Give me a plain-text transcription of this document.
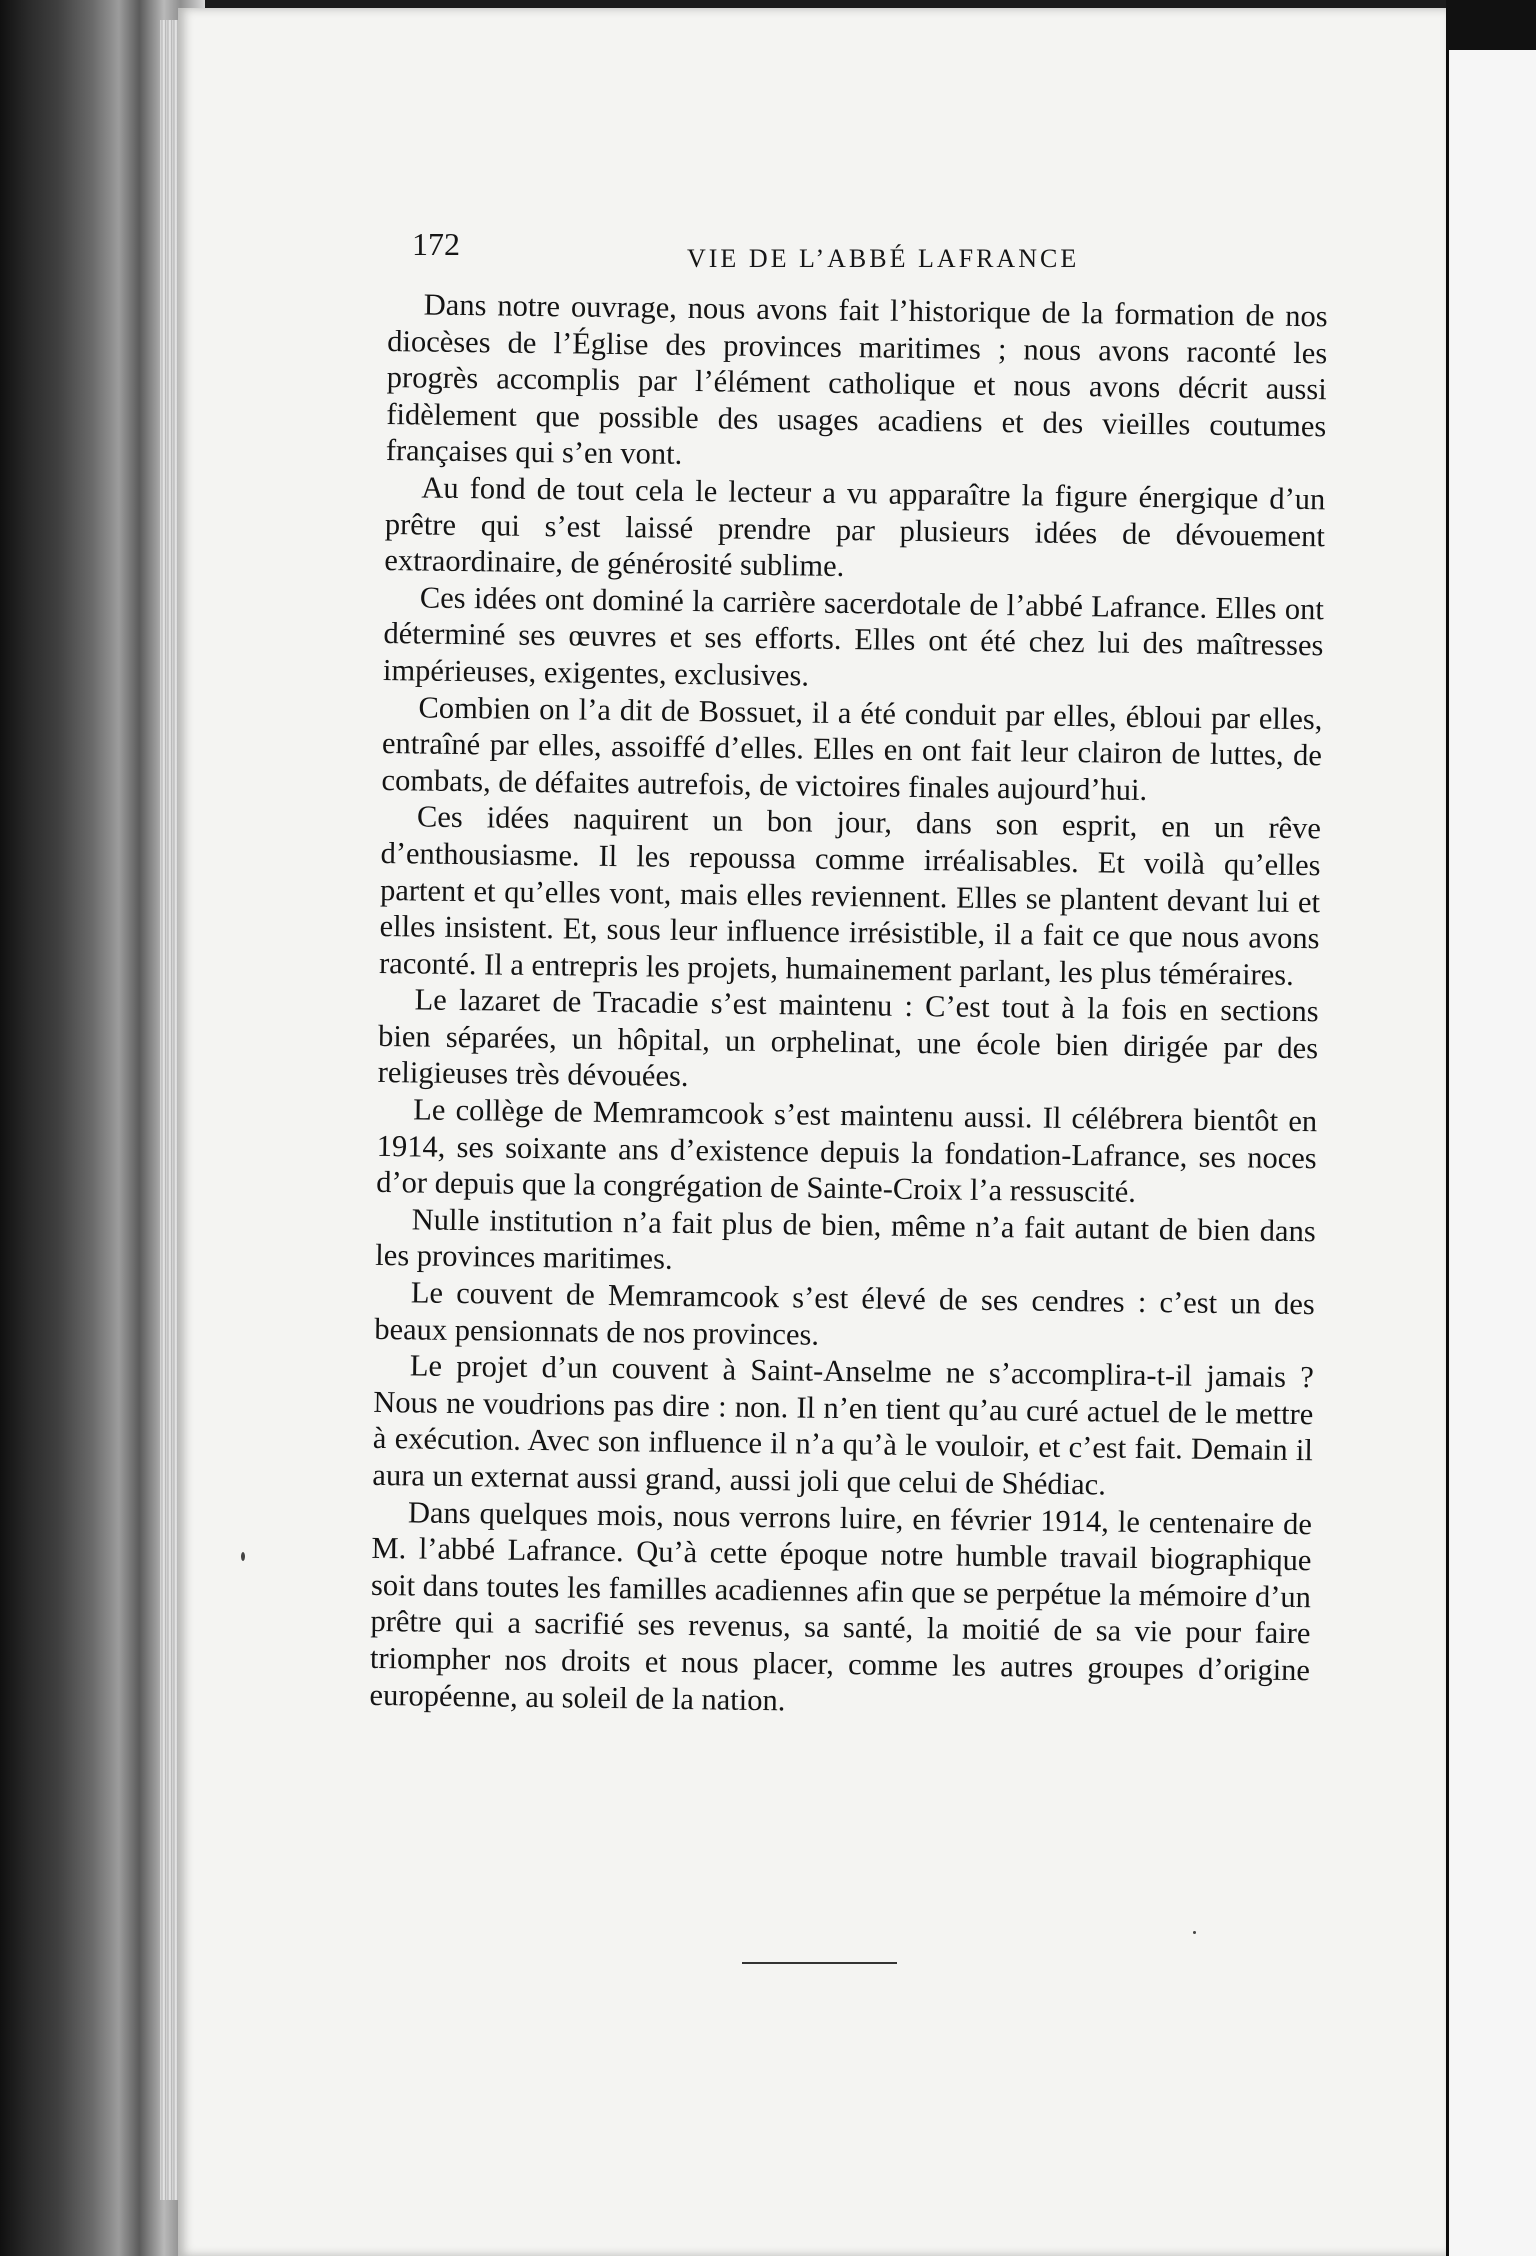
172	VIE DE L’ABBÉ LAFRANCE

Dans notre ouvrage, nous avons fait l’historique de la formation de nos diocèses de l’Église des provinces maritimes ; nous avons raconté les progrès accomplis par l’élément catholique et nous avons décrit aussi fidèlement que possible des usages acadiens et des vieilles coutumes françaises qui s’en vont.

Au fond de tout cela le lecteur a vu apparaître la figure énergique d’un prêtre qui s’est laissé prendre par plusieurs idées de dévouement extraordinaire, de générosité sublime.

Ces idées ont dominé la carrière sacerdotale de l’abbé Lafrance. Elles ont déterminé ses œuvres et ses efforts. Elles ont été chez lui des maîtresses impérieuses, exigentes, exclusives.

Combien on l’a dit de Bossuet, il a été conduit par elles, ébloui par elles, entraîné par elles, assoiffé d’elles. Elles en ont fait leur clairon de luttes, de combats, de défaites autrefois, de victoires finales aujourd’hui.

Ces idées naquirent un bon jour, dans son esprit, en un rêve d’enthousiasme. Il les repoussa comme irréalisables. Et voilà qu’elles partent et qu’elles vont, mais elles reviennent. Elles se plantent devant lui et elles insistent. Et, sous leur influence irrésistible, il a fait ce que nous avons raconté. Il a entrepris les projets, humainement parlant, les plus téméraires.

Le lazaret de Tracadie s’est maintenu : C’est tout à la fois en sections bien séparées, un hôpital, un orphelinat, une école bien dirigée par des religieuses très dévouées.

Le collège de Memramcook s’est maintenu aussi. Il célébrera bientôt en 1914, ses soixante ans d’existence depuis la fondation-Lafrance, ses noces d’or depuis que la congrégation de Sainte-Croix l’a ressuscité.

Nulle institution n’a fait plus de bien, même n’a fait autant de bien dans les provinces maritimes.

Le couvent de Memramcook s’est élevé de ses cendres : c’est un des beaux pensionnats de nos provinces.

Le projet d’un couvent à Saint-Anselme ne s’accomplira-t-il jamais ? Nous ne voudrions pas dire : non. Il n’en tient qu’au curé actuel de le mettre à exécution. Avec son influence il n’a qu’à le vouloir, et c’est fait. Demain il aura un externat aussi grand, aussi joli que celui de Shédiac.

Dans quelques mois, nous verrons luire, en février 1914, le centenaire de M. l’abbé Lafrance. Qu’à cette époque notre humble travail biographique soit dans toutes les familles acadiennes afin que se perpétue la mémoire d’un prêtre qui a sacrifié ses revenus, sa santé, la moitié de sa vie pour faire triompher nos droits et nous placer, comme les autres groupes d’origine européenne, au soleil de la nation.
